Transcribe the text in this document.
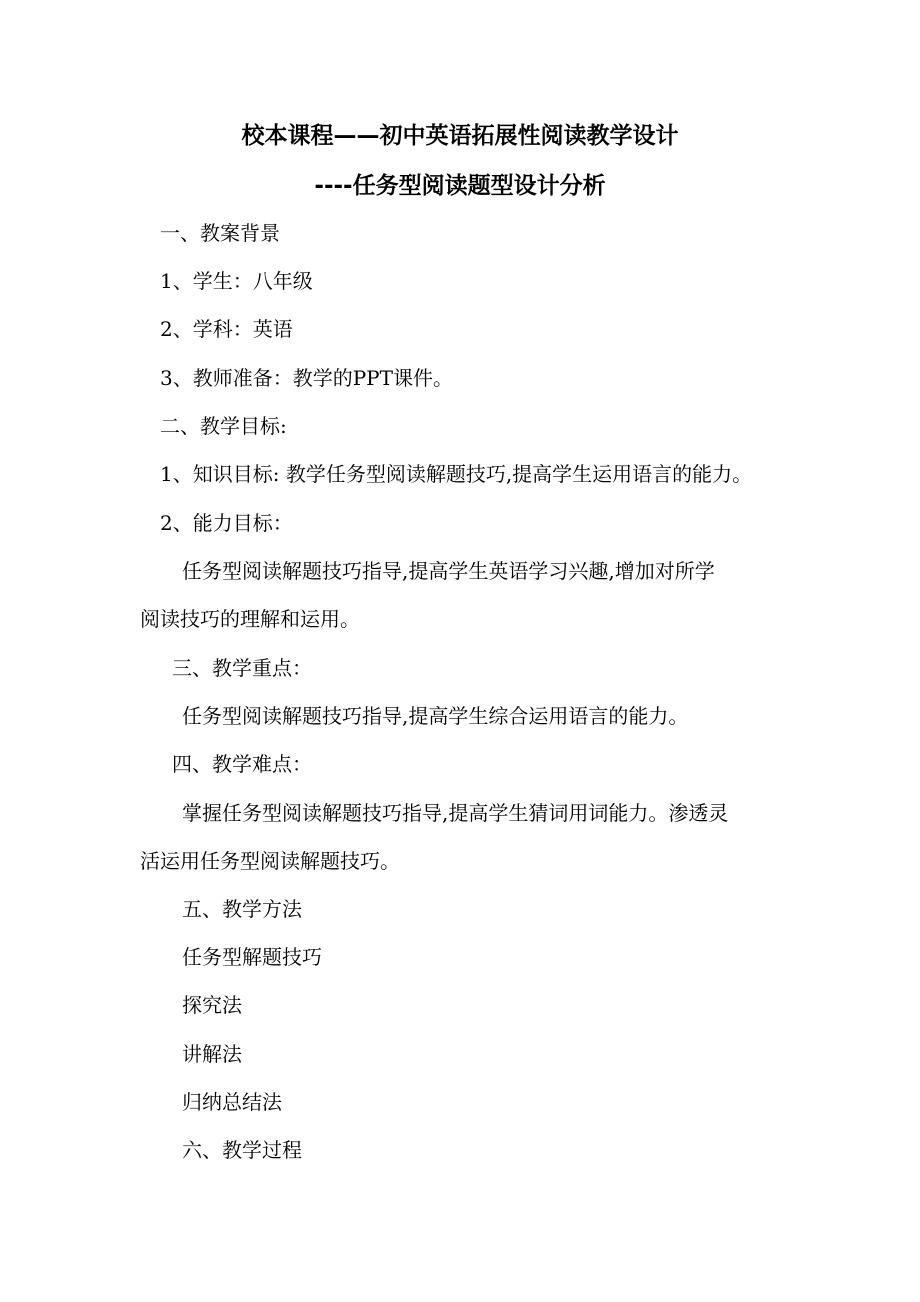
校本课程——初中英语拓展性阅读教学设计
----任务型阅读题型设计分析
一、教案背景
1、学生：八年级
2、学科：英语
3、教师准备：教学的PPT课件。
二、教学目标:
1、知识目标: 教学任务型阅读解题技巧,提高学生运用语言的能力。
2、能力目标：
任务型阅读解题技巧指导,提高学生英语学习兴趣,增加对所学
阅读技巧的理解和运用。
三、教学重点：
任务型阅读解题技巧指导,提高学生综合运用语言的能力。
四、教学难点：
掌握任务型阅读解题技巧指导,提高学生猜词用词能力。渗透灵
活运用任务型阅读解题技巧。
五、教学方法
任务型解题技巧
探究法
讲解法
归纳总结法
六、教学过程
